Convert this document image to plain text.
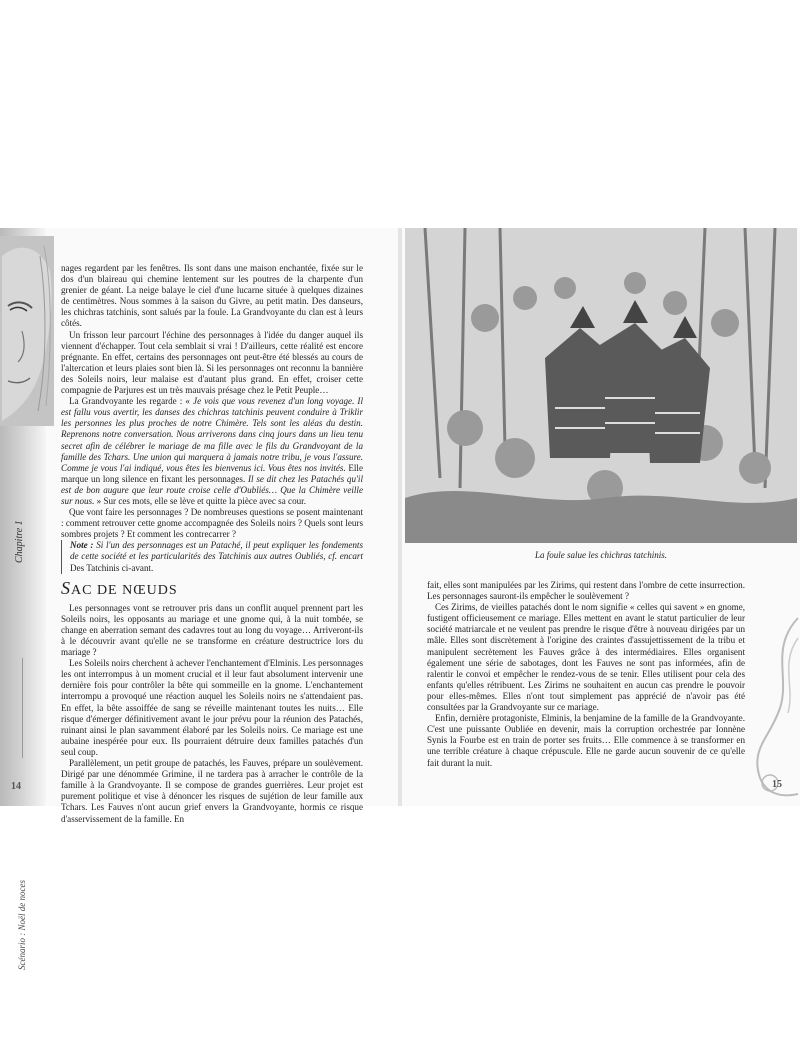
nages regardent par les fenêtres. Ils sont dans une maison enchantée, fixée sur le dos d'un blaireau qui chemine lentement sur les poutres de la charpente d'un grenier de géant. La neige balaye le ciel d'une lucarne située à quelques dizaines de centimètres. Nous sommes à la saison du Givre, au petit matin. Des danseurs, les chichras tatchinis, sont salués par la foule. La Grandvoyante du clan est à leurs côtés.

Un frisson leur parcourt l'échine des personnages à l'idée du danger auquel ils viennent d'échapper. Tout cela semblait si vrai ! D'ailleurs, cette réalité est encore prégnante. En effet, certains des personnages ont peut-être été blessés au cours de l'altercation et leurs plaies sont bien là. Si les personnages ont reconnu la bannière des Soleils noirs, leur malaise est d'autant plus grand. En effet, croiser cette compagnie de Parjures est un très mauvais présage chez le Petit Peuple…

La Grandvoyante les regarde : « Je vois que vous revenez d'un long voyage. Il est fallu vous avertir, les danses des chichras tatchinis peuvent conduire à Triklir les personnes les plus proches de notre Chimère. Tels sont les aléas du destin. Reprenons notre conversation. Nous arriverons dans cinq jours dans un lieu tenu secret afin de célébrer le mariage de ma fille avec le fils du Grandvoyant de la famille des Tchars. Une union qui marquera à jamais notre tribu, je vous l'assure. Comme je vous l'ai indiqué, vous êtes les bienvenus ici. Vous êtes nos invités. Elle marque un long silence en fixant les personnages. Il se dit chez les Patachés qu'il est de bon augure que leur route croise celle d'Oubliés… Que la Chimère veille sur nous. » Sur ces mots, elle se lève et quitte la pièce avec sa cour.

Que vont faire les personnages ? De nombreuses questions se posent maintenant : comment retrouver cette gnome accompagnée des Soleils noirs ? Quels sont leurs sombres projets ? Et comment les contrecarrer ?

Note : Si l'un des personnages est un Pataché, il peut expliquer les fondements de cette société et les particularités des Tatchinis aux autres Oubliés, cf. encart Des Tatchinis ci-avant.

SAC DE NŒUDS

Les personnages vont se retrouver pris dans un conflit auquel prennent part les Soleils noirs, les opposants au mariage et une gnome qui, à la nuit tombée, se change en aberration semant des cadavres tout au long du voyage… Arriveront-ils à le découvrir avant qu'elle ne se transforme en créature destructrice lors du mariage ?

Les Soleils noirs cherchent à achever l'enchantement d'Elminis. Les personnages les ont interrompus à un moment crucial et il leur faut absolument intervenir une dernière fois pour contrôler la bête qui sommeille en la gnome. L'enchantement interrompu a provoqué une réaction auquel les Soleils noirs ne s'attendaient pas. En effet, la bête assoiffée de sang se réveille maintenant toutes les nuits… Elle risque d'émerger définitivement avant le jour prévu pour la réunion des Patachés, ruinant ainsi le plan savamment élaboré par les Soleils noirs. Ce mariage est une aubaine inespérée pour eux. Ils pourraient détruire deux familles patachés d'un seul coup.

Parallèlement, un petit groupe de patachés, les Fauves, prépare un soulèvement. Dirigé par une dénommée Grimine, il ne tardera pas à arracher le contrôle de la famille à la Grandvoyante. Il se compose de grandes guerrières. Leur projet est purement politique et vise à dénoncer les risques de sujétion de leur famille aux Tchars. Les Fauves n'ont aucun grief envers la Grandvoyante, hormis ce risque d'asservissement de la famille. En

Chapitre 1
Scénario : Noël de noces
14
La foule salue les chichras tatchinis.

fait, elles sont manipulées par les Zirims, qui restent dans l'ombre de cette insurrection. Les personnages sauront-ils empêcher le soulèvement ?

Ces Zirims, de vieilles patachés dont le nom signifie « celles qui savent » en gnome, fustigent officieusement ce mariage. Elles mettent en avant le statut particulier de leur société matriarcale et ne veulent pas prendre le risque d'être à nouveau dirigées par un mâle. Elles sont discrètement à l'origine des craintes d'assujettissement de la tribu et manipulent secrètement les Fauves grâce à des intermédiaires. Elles organisent également une série de sabotages, dont les Fauves ne sont pas informées, afin de ralentir le convoi et empêcher le rendez-vous de se tenir. Elles utilisent pour cela des enfants qu'elles rétribuent. Les Zirims ne souhaitent en aucun cas prendre le pouvoir pour elles-mêmes. Elles n'ont tout simplement pas apprécié de n'avoir pas été consultées par la Grandvoyante sur ce mariage.

Enfin, dernière protagoniste, Elminis, la benjamine de la famille de la Grandvoyante. C'est une puissante Oubliée en devenir, mais la corruption orchestrée par Ionnène Synis la Fourbe est en train de porter ses fruits… Elle commence à se transformer en une terrible créature à chaque crépuscule. Elle ne garde aucun souvenir de ce qu'elle fait durant la nuit.

15
